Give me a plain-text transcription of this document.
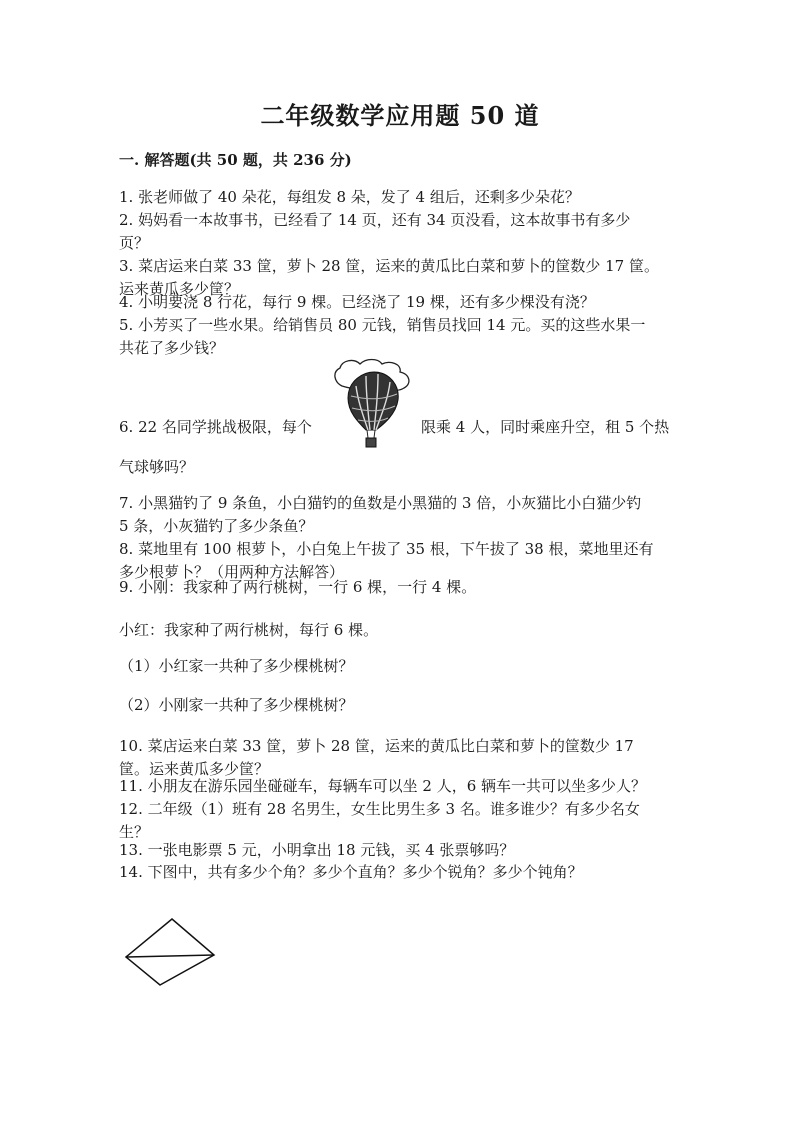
二年级数学应用题 50 道
一. 解答题(共 50 题，共 236 分)
1. 张老师做了 40 朵花，每组发 8 朵，发了 4 组后，还剩多少朵花？
2. 妈妈看一本故事书，已经看了 14 页，还有 34 页没看，这本故事书有多少
页？
3. 菜店运来白菜 33 筐，萝卜 28 筐，运来的黄瓜比白菜和萝卜的筐数少 17 筐。
运来黄瓜多少筐？
4. 小明要浇 8 行花，每行 9 棵。已经浇了 19 棵，还有多少棵没有浇？
5. 小芳买了一些水果。给销售员 80 元钱，销售员找回 14 元。买的这些水果一
共花了多少钱？
6. 22 名同学挑战极限，每个	限乘 4 人，同时乘座升空，租 5 个热
气球够吗？
7. 小黑猫钓了 9 条鱼，小白猫钓的鱼数是小黑猫的 3 倍，小灰猫比小白猫少钓
5 条，小灰猫钓了多少条鱼？
8. 菜地里有 100 根萝卜，小白兔上午拔了 35 根，下午拔了 38 根，菜地里还有
多少根萝卜？（用两种方法解答）
9. 小刚：我家种了两行桃树，一行 6 棵，一行 4 棵。
小红：我家种了两行桃树，每行 6 棵。
（1）小红家一共种了多少棵桃树？
（2）小刚家一共种了多少棵桃树？
10. 菜店运来白菜 33 筐，萝卜 28 筐，运来的黄瓜比白菜和萝卜的筐数少 17
筐。运来黄瓜多少筐？
11. 小朋友在游乐园坐碰碰车，每辆车可以坐 2 人，6 辆车一共可以坐多少人？
12. 二年级（1）班有 28 名男生，女生比男生多 3 名。谁多谁少？有多少名女
生？
13. 一张电影票 5 元，小明拿出 18 元钱，买 4 张票够吗？
14. 下图中，共有多少个角？多少个直角？多少个锐角？多少个钝角？
